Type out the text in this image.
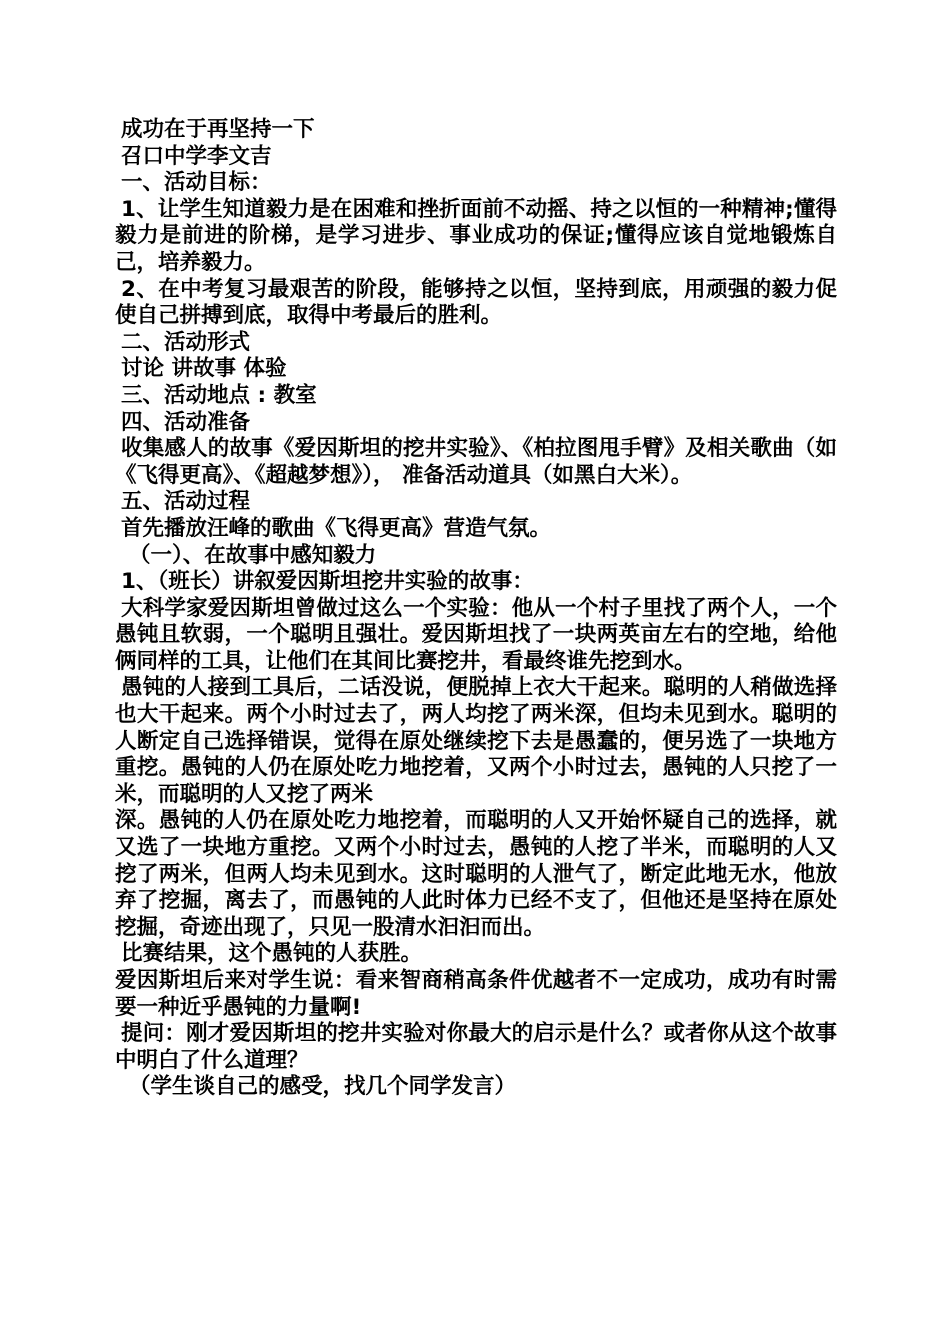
成功在于再坚持一下

召口中学李文吉

一、活动目标：

1、让学生知道毅力是在困难和挫折面前不动摇、持之以恒的一种精神;懂得毅力是前进的阶梯，是学习进步、事业成功的保证;懂得应该自觉地锻炼自己，培养毅力。

2、在中考复习最艰苦的阶段，能够持之以恒，坚持到底，用顽强的毅力促使自己拼搏到底，取得中考最后的胜利。

二、活动形式

讨论 讲故事 体验

三、活动地点 : 教室

四、活动准备

收集感人的故事《爱因斯坦的挖井实验》、《柏拉图甩手臂》及相关歌曲（如《飞得更高》、《超越梦想》）， 准备活动道具（如黑白大米）。

五、活动过程

首先播放汪峰的歌曲《飞得更高》营造气氛。

（一）、在故事中感知毅力

1、（班长）讲叙爱因斯坦挖井实验的故事：

大科学家爱因斯坦曾做过这么一个实验：他从一个村子里找了两个人，一个愚钝且软弱，一个聪明且强壮。爱因斯坦找了一块两英亩左右的空地，给他俩同样的工具，让他们在其间比赛挖井，看最终谁先挖到水。

愚钝的人接到工具后，二话没说，便脱掉上衣大干起来。聪明的人稍做选择也大干起来。两个小时过去了，两人均挖了两米深，但均未见到水。聪明的人断定自己选择错误，觉得在原处继续挖下去是愚蠢的，便另选了一块地方重挖。愚钝的人仍在原处吃力地挖着，又两个小时过去，愚钝的人只挖了一米，而聪明的人又挖了两米

深。愚钝的人仍在原处吃力地挖着，而聪明的人又开始怀疑自己的选择，就又选了一块地方重挖。又两个小时过去，愚钝的人挖了半米，而聪明的人又挖了两米，但两人均未见到水。这时聪明的人泄气了，断定此地无水，他放弃了挖掘，离去了，而愚钝的人此时体力已经不支了，但他还是坚持在原处挖掘，奇迹出现了，只见一股清水汩汩而出。

比赛结果，这个愚钝的人获胜。

爱因斯坦后来对学生说：看来智商稍高条件优越者不一定成功，成功有时需要一种近乎愚钝的力量啊!

提问：刚才爱因斯坦的挖井实验对你最大的启示是什么？或者你从这个故事中明白了什么道理？

（学生谈自己的感受，找几个同学发言）
